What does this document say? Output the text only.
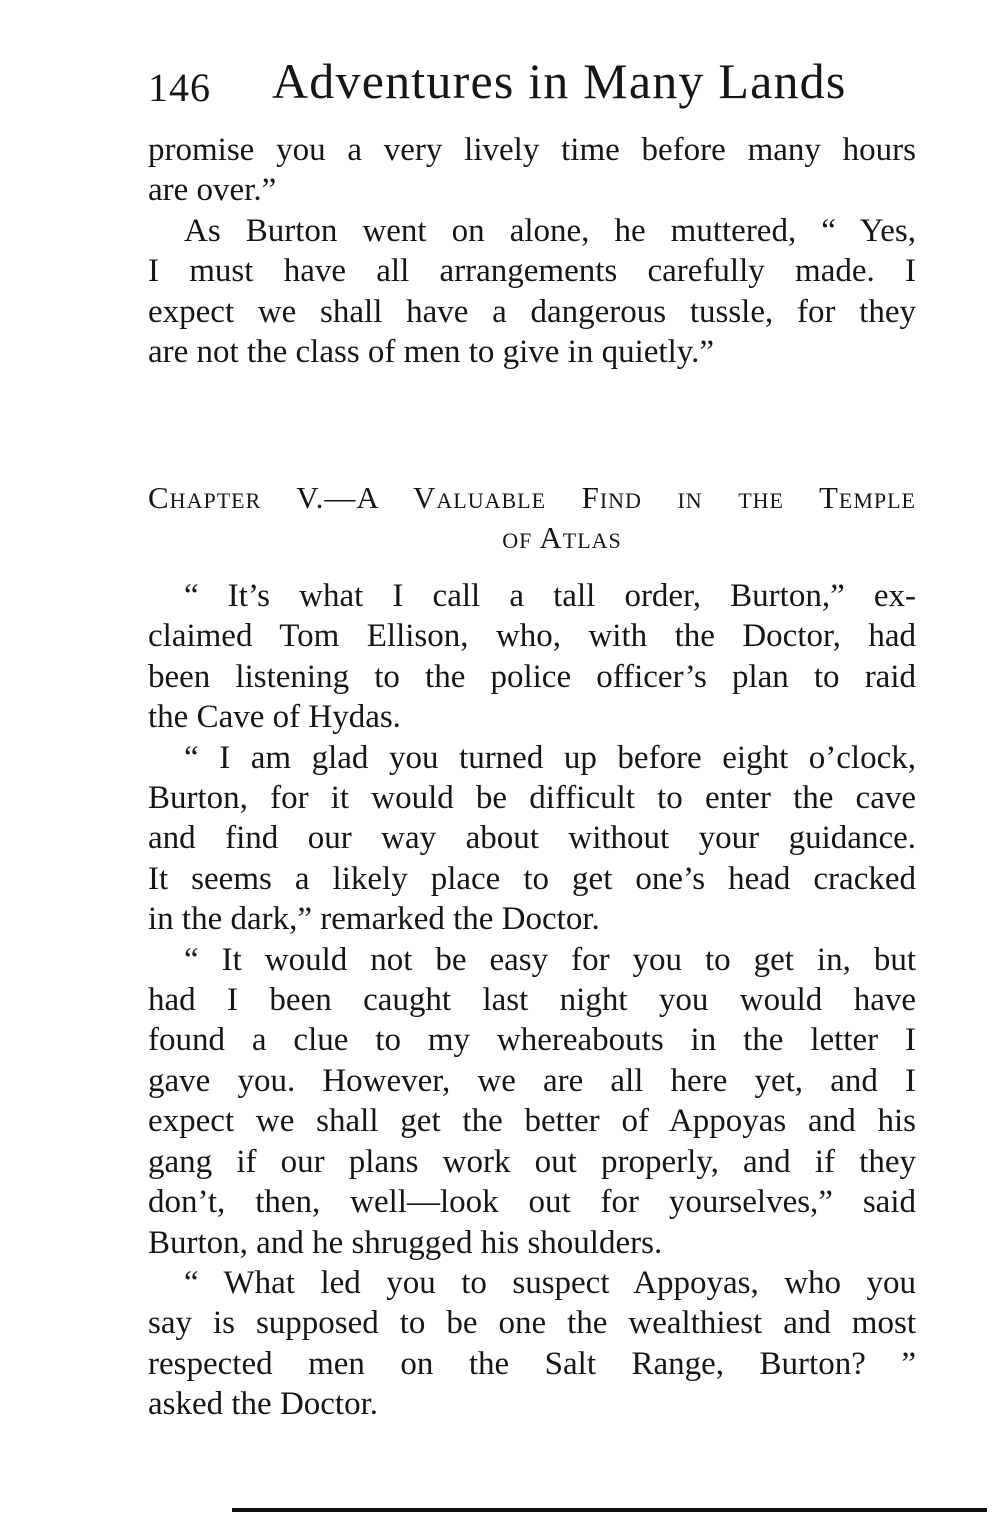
146 Adventures in Many Lands

promise you a very lively time before many hours
are over.”

As Burton went on alone, he muttered, “ Yes,
I must have all arrangements carefully made. I
expect we shall have a dangerous tussle, for they
are not the class of men to give in quietly.”

Chapter V.—A Valuable Find in the Temple
of Atlas

“ It’s what I call a tall order, Burton,” ex-
claimed Tom Ellison, who, with the Doctor, had
been listening to the police officer’s plan to raid
the Cave of Hydas.

“ I am glad you turned up before eight o’clock,
Burton, for it would be difficult to enter the cave
and find our way about without your guidance.
It seems a likely place to get one’s head cracked
in the dark,” remarked the Doctor.

“ It would not be easy for you to get in, but
had I been caught last night you would have
found a clue to my whereabouts in the letter I
gave you. However, we are all here yet, and I
expect we shall get the better of Appoyas and his
gang if our plans work out properly, and if they
don’t, then, well—look out for yourselves,” said
Burton, and he shrugged his shoulders.

“ What led you to suspect Appoyas, who you
say is supposed to be one the wealthiest and most
respected men on the Salt Range, Burton? ”
asked the Doctor.
